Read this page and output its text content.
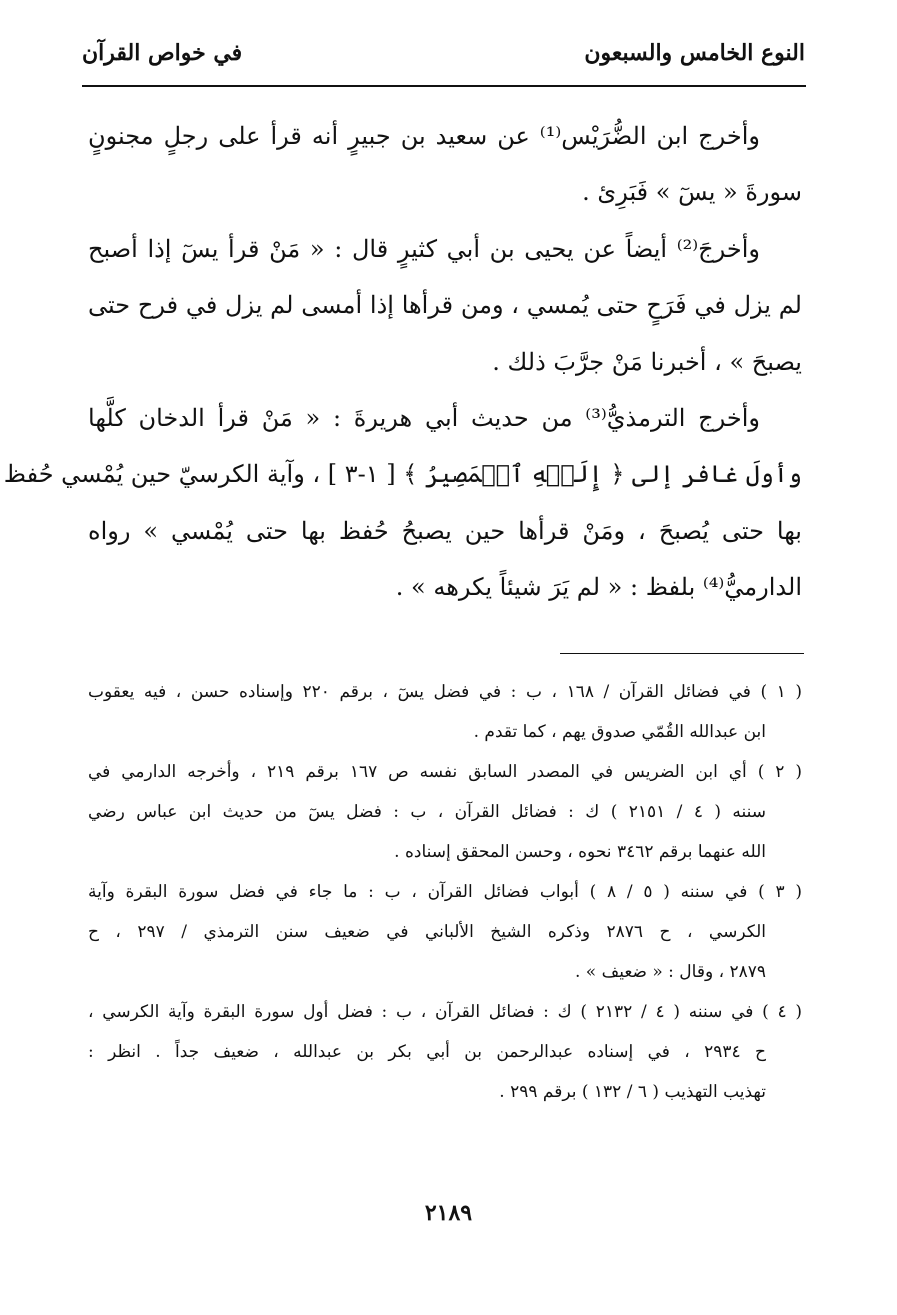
النوع الخامس والسبعون
في خواص القرآن
وأخرج ابن الضُّرَيْس⁽¹⁾ عن سعيد بن جبيرٍ أنه قرأ على رجلٍ مجنونٍ
سورةَ « يسٓ » فَبَرِئ .
وأخرجَ⁽²⁾ أيضاً عن يحيى بن أبي كثيرٍ قال : « مَنْ قرأ يسٓ إذا أصبح
لم يزل في فَرَحٍ حتى يُمسي ، ومن قرأها إذا أمسى لم يزل في فرح حتى
يصبحَ » ، أخبرنا مَنْ جرَّبَ ذلك .
وأخرج الترمذيُّ⁽³⁾ من حديث أبي هريرةَ : « مَنْ قرأ الدخان كلَّها
وأولَ غافر إلى ﴿ إِلَيۡهِ ٱلۡمَصِيرُ ﴾ [ ١-٣ ] ، وآية الكرسيّ حين يُمْسي حُفظ
بها حتى يُصبحَ ، ومَنْ قرأها حين يصبحُ حُفظ بها حتى يُمْسي » رواه
الدارميُّ⁽⁴⁾ بلفظ : « لم يَرَ شيئاً يكرهه » .
( ١ ) في فضائل القرآن / ١٦٨ ، ب : في فضل يسٓ ، برقم ٢٢٠ وإسناده حسن ، فيه يعقوب
ابن عبدالله القُمّي صدوق يهم ، كما تقدم .
( ٢ ) أي ابن الضريس في المصدر السابق نفسه ص ١٦٧ برقم ٢١٩ ، وأخرجه الدارمي في
سننه ( ٤ / ٢١٥١ ) ك : فضائل القرآن ، ب : فضل يسٓ من حديث ابن عباس رضي
الله عنهما برقم ٣٤٦٢ نحوه ، وحسن المحقق إسناده .
( ٣ ) في سننه ( ٥ / ٨ ) أبواب فضائل القرآن ، ب : ما جاء في فضل سورة البقرة وآية
الكرسي ، ح ٢٨٧٦ وذكره الشيخ الألباني في ضعيف سنن الترمذي / ٢٩٧ ، ح
٢٨٧٩ ، وقال : « ضعيف » .
( ٤ ) في سننه ( ٤ / ٢١٣٢ ) ك : فضائل القرآن ، ب : فضل أول سورة البقرة وآية الكرسي ،
ح ٢٩٣٤ ، في إسناده عبدالرحمن بن أبي بكر بن عبدالله ، ضعيف جداً . انظر :
تهذيب التهذيب ( ٦ / ١٣٢ ) برقم ٢٩٩ .
٢١٨٩
